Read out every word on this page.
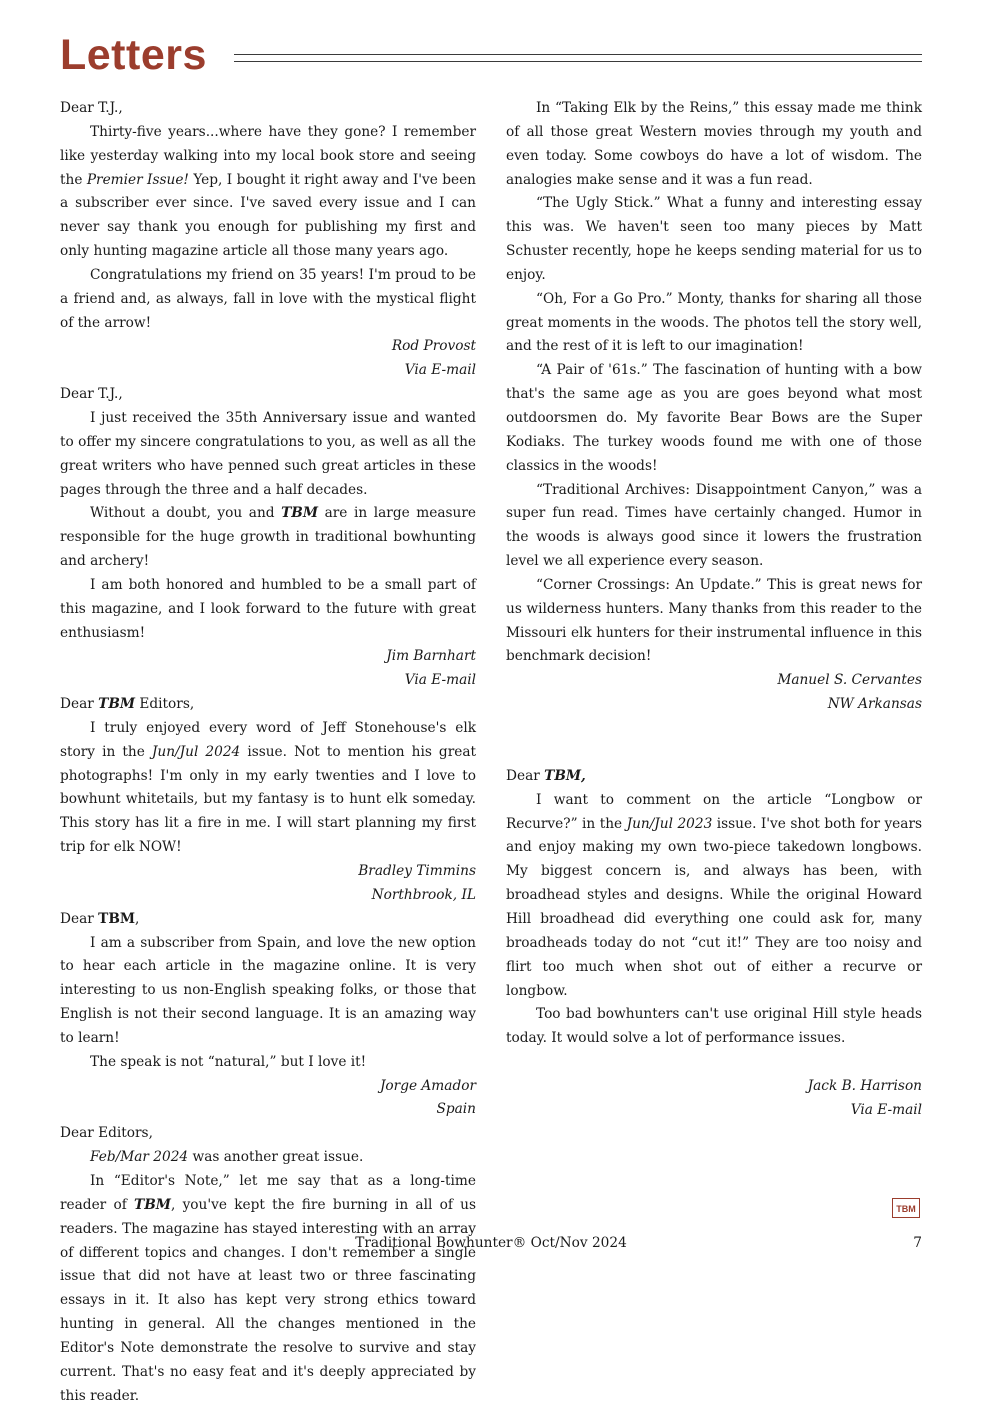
Letters

Dear T.J.,

Thirty-five years...where have they gone? I remember like yesterday walking into my local book store and seeing the Premier Issue! Yep, I bought it right away and I've been a subscriber ever since. I've saved every issue and I can never say thank you enough for publishing my first and only hunting magazine article all those many years ago.

Congratulations my friend on 35 years! I'm proud to be a friend and, as always, fall in love with the mystical flight of the arrow!

Rod Provost

Via E-mail

Dear T.J.,

I just received the 35th Anniversary issue and wanted to offer my sincere congratulations to you, as well as all the great writers who have penned such great articles in these pages through the three and a half decades.

Without a doubt, you and TBM are in large measure responsible for the huge growth in traditional bowhunting and archery!

I am both honored and humbled to be a small part of this magazine, and I look forward to the future with great enthusiasm!

Jim Barnhart

Via E-mail

Dear TBM Editors,

I truly enjoyed every word of Jeff Stonehouse's elk story in the Jun/Jul 2024 issue. Not to mention his great photographs! I'm only in my early twenties and I love to bowhunt whitetails, but my fantasy is to hunt elk someday. This story has lit a fire in me. I will start planning my first trip for elk NOW!

Bradley Timmins

Northbrook, IL

Dear TBM,

I am a subscriber from Spain, and love the new option to hear each article in the magazine online. It is very interesting to us non-English speaking folks, or those that English is not their second language. It is an amazing way to learn!

The speak is not “natural,” but I love it!

Jorge Amador

Spain

Dear Editors,

Feb/Mar 2024 was another great issue.

In “Editor's Note,” let me say that as a long-time reader of TBM, you've kept the fire burning in all of us readers. The magazine has stayed interesting with an array of different topics and changes. I don't remember a single issue that did not have at least two or three fascinating essays in it. It also has kept very strong ethics toward hunting in general. All the changes mentioned in the Editor's Note demonstrate the resolve to survive and stay current. That's no easy feat and it's deeply appreciated by this reader.

In “Taking Elk by the Reins,” this essay made me think of all those great Western movies through my youth and even today. Some cowboys do have a lot of wisdom. The analogies make sense and it was a fun read.

“The Ugly Stick.” What a funny and interesting essay this was. We haven't seen too many pieces by Matt Schuster recently, hope he keeps sending material for us to enjoy.

“Oh, For a Go Pro.” Monty, thanks for sharing all those great moments in the woods. The photos tell the story well, and the rest of it is left to our imagination!

“A Pair of '61s.” The fascination of hunting with a bow that's the same age as you are goes beyond what most outdoorsmen do. My favorite Bear Bows are the Super Kodiaks. The turkey woods found me with one of those classics in the woods!

“Traditional Archives: Disappointment Canyon,” was a super fun read. Times have certainly changed. Humor in the woods is always good since it lowers the frustration level we all experience every season.

“Corner Crossings: An Update.” This is great news for us wilderness hunters. Many thanks from this reader to the Missouri elk hunters for their instrumental influence in this benchmark decision!

Manuel S. Cervantes

NW Arkansas

Dear TBM,

I want to comment on the article “Longbow or Recurve?” in the Jun/Jul 2023 issue. I've shot both for years and enjoy making my own two-piece takedown longbows. My biggest concern is, and always has been, with broadhead styles and designs. While the original Howard Hill broadhead did everything one could ask for, many broadheads today do not “cut it!” They are too noisy and flirt too much when shot out of either a recurve or longbow.

Too bad bowhunters can't use original Hill style heads today. It would solve a lot of performance issues.

Jack B. Harrison

Via E-mail

TBM
Traditional Bowhunter® Oct/Nov 2024	7
